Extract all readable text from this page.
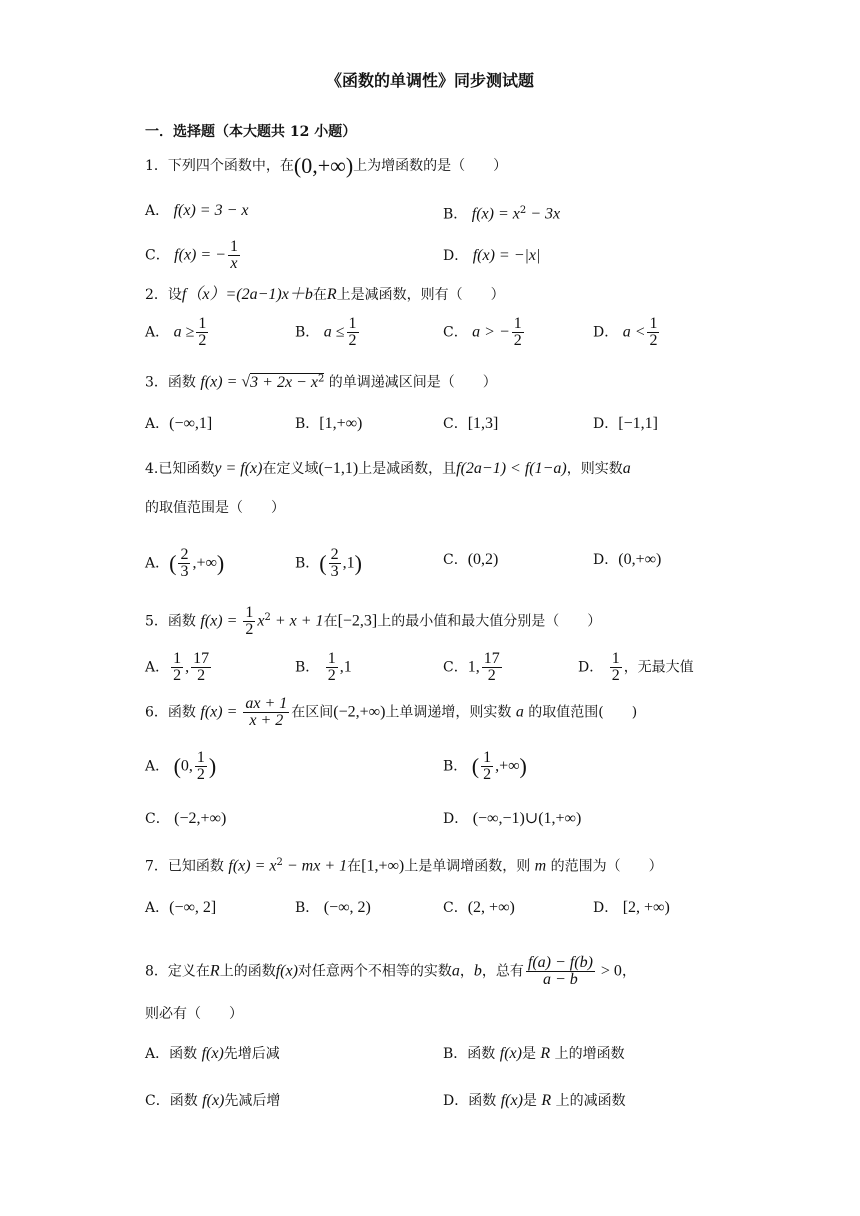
《函数的单调性》同步测试题
一．选择题（本大题共 12 小题）
1．下列四个函数中，在(0,+∞)上为增函数的是（　　）
A． f(x) = 3 − x	B． $f(x) = x^2 - 3x$
C． f(x) = − $\frac{1}{x}$	D． f(x) = −|x|
2．设f（x）=(2a−1)x＋b在R上是减函数，则有（　　）
A． $a \ge \frac{1}{2}$	B． $a \le \frac{1}{2}$	C． a > − $\frac{1}{2}$	D． $a < \frac{1}{2}$
3．函数 $f(x) = √3 + 2x - x^2$ 的单调递减区间是（　　）
A．(−∞,1]	B．[1,+∞)	C．[1,3]	D．[−1,1]
4.已知函数y = f(x)在定义域(−1,1)上是减函数，且f(2a−1) < f(1−a)，则实数a
的取值范围是（　　）
A．( $\frac{2}{3}$ ,+∞)	B．( $\frac{2}{3} ,1$)	C．(0,2)	D．(0,+∞)
5．函数 $f(x) = \frac{1}{2} x^2 + x + 1$在[−2,3]上的最小值和最大值分别是（　　）
A． $\frac{1}{2}$ , $\frac{17}{2}$	B． $\frac{1}{2} ,1$	C．1, $\frac{17}{2}$	D． $\frac{1}{2}$ ，无最大值
6．函数 $f(x) = \frac{ax + 1}{x + 2}$ 在区间(−2,+∞)上单调递增，则实数 a 的取值范围(　　)
A． (0, $\frac{1}{2}$ )	B． ( $\frac{1}{2}$ ,+∞)
C． (−2,+∞)	D． (−∞,−1)∪(1,+∞)
7．已知函数 $f(x) = x^2$ − mx + 1在[1,+∞)上是单调增函数，则 m 的范围为（　　）
A．(−∞, 2]	B． (−∞, 2)	C．(2, +∞)	D． [2, +∞)
8．定义在R上的函数f(x)对任意两个不相等的实数a，b，总有 $\frac{f(a) - f(b)}{a - b} > 0$，
则必有（　　）
A．函数 f(x)先增后减	B．函数 f(x)是 R 上的增函数
C．函数 f(x)先减后增	D．函数 f(x)是 R 上的减函数
